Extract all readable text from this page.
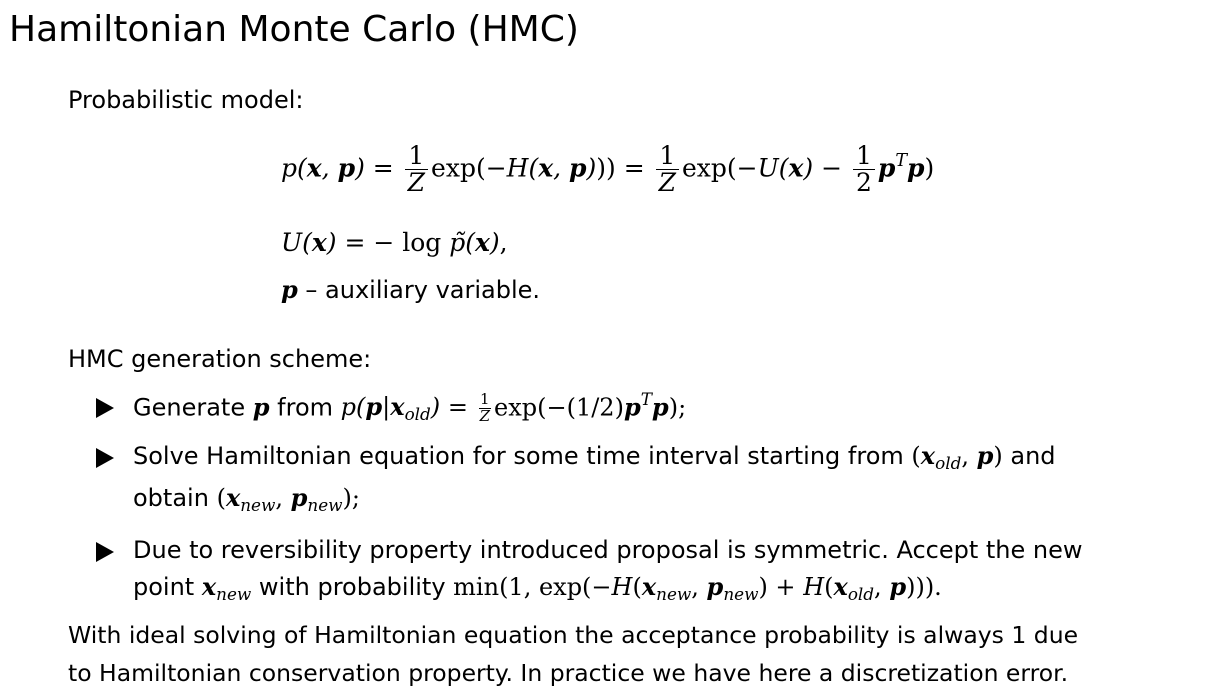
Hamiltonian Monte Carlo (HMC)
Probabilistic model:
p(x, $p) = \frac{1}{Z} \exp(-H(x$, $p))) = \frac{1}{Z} \exp(-U(x) - \frac{1}{2} p^Tp)$
U(x) = − log p̃(x),
p – auxiliary variable.
HMC generation scheme:
Generate p from $p(p|x_{old}) = \frac{1}{Z} \exp(-(1/2)p^Tp)$;
Solve Hamiltonian equation for some time interval starting from ($x_{old}$, p) and
obtain ($x_{new}$, $p_{new}$);
Due to reversibility property introduced proposal is symmetric. Accept the new
point $x_{new}$ with probability min(1, $\exp(-H(x_{new}$, $p_{new}) + H(x_{old}$, p))).
With ideal solving of Hamiltonian equation the acceptance probability is always 1 due
to Hamiltonian conservation property. In practice we have here a discretization error.
